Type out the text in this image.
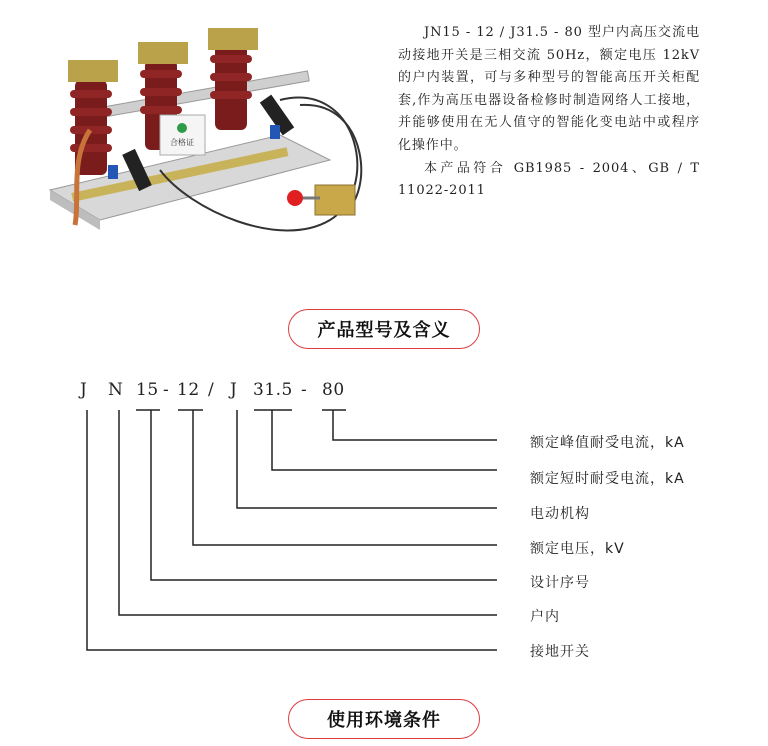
合格证

JN15 - 12 / J31.5 - 80 型户内高压交流电动接地开关是三相交流 50Hz，额定电压 12kV的户内装置，可与多种型号的智能高压开关柜配套,作为高压电器设备检修时制造网络人工接地，并能够使用在无人值守的智能化变电站中或程序化操作中。

本产品符合 GB1985 - 2004、GB / T 11022-2011

产品型号及含义
J N 15 - 12 / J 31.5 - 80
额定峰值耐受电流，kA
额定短时耐受电流，kA
电动机构
额定电压，kV
设计序号
户内
接地开关
使用环境条件
